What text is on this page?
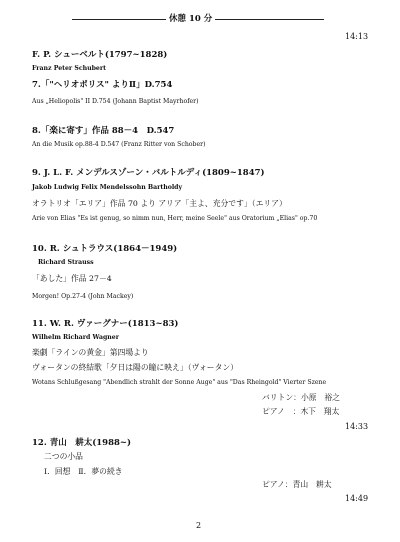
休憩 10 分
14:13
F. P. シューベルト(1797~1828)
Franz Peter Schubert
7.「"ヘリオポリス" よりⅡ」D.754
Aus „Heliopolis" II D.754 (Johann Baptist Mayrhofer)
8.「楽に寄す」作品 88－4　D.547
An die Musik op.88-4 D.547 (Franz Ritter von Schober)
9. J. L. F. メンデルスゾーン・バルトルディ(1809~1847)
Jakob Ludwig Felix Mendelssohn Bartholdy
オラトリオ「エリア」作品 70 より アリア「主よ、充分です」（エリア）
Arie von Elias "Es ist genug, so nimm nun, Herr, meine Seele" aus Oratorium „Elias" op.70
10. R. シュトラウス(1864－1949)
Richard Strauss
「あした」作品 27－4
Morgen! Op.27-4 (John Mackey)
11. W. R. ヴァーグナー(1813~83)
Wilhelm Richard Wagner
楽劇「ラインの黄金」第四場より
ヴォータンの終結歌「夕日は陽の瞳に映え」（ヴォータン）
Wotans Schlußgesang "Abendlich strahlt der Sonne Auge" aus "Das Rheingold" Vierter Szene
バリトン：小原　裕之
ピアノ　：木下　翔太
14:33
12. 青山　耕太(1988~)
二つの小品
Ⅰ．回想　Ⅱ．夢の続き
ピアノ：青山　耕太
14:49
2
